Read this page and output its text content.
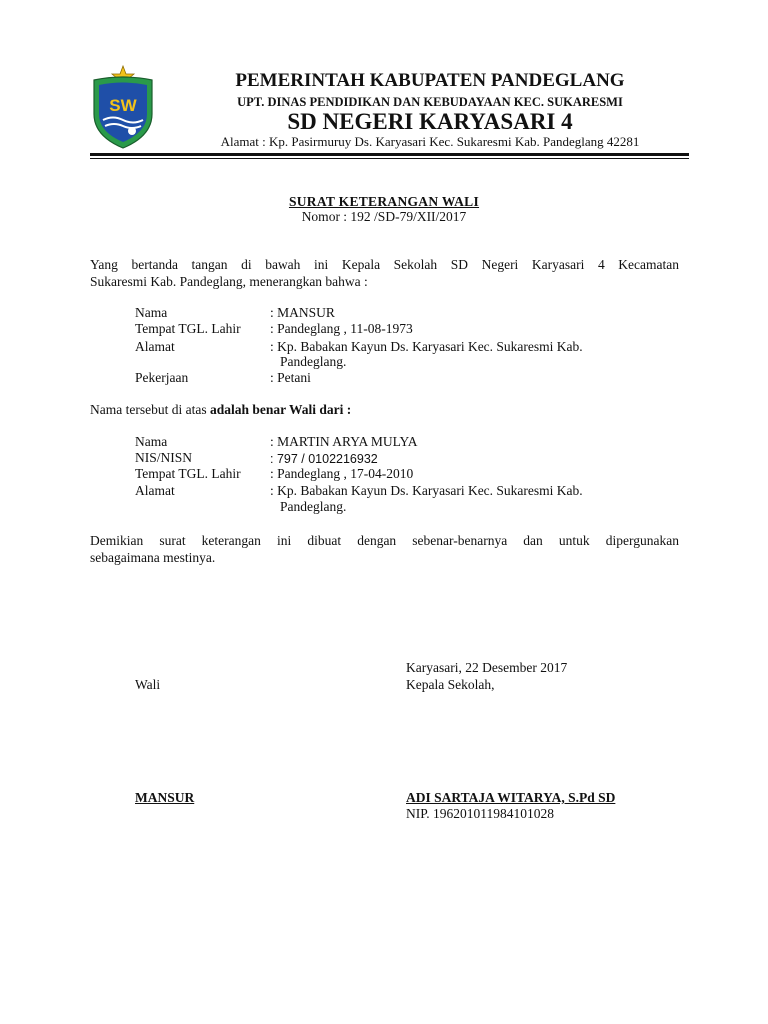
SW
PEMERINTAH KABUPATEN PANDEGLANG
UPT. DINAS PENDIDIKAN DAN KEBUDAYAAN KEC. SUKARESMI
SD NEGERI KARYASARI 4
Alamat : Kp. Pasirmuruy Ds. Karyasari Kec. Sukaresmi Kab. Pandeglang 42281
SURAT KETERANGAN WALI
Nomor : 192 /SD-79/XII/2017
Yang bertanda tangan di bawah ini Kepala Sekolah SD Negeri Karyasari 4 Kecamatan
Sukaresmi Kab. Pandeglang, menerangkan bahwa :
Nama	: MANSUR
Tempat TGL. Lahir : Pandeglang , 11-08-1973
Alamat	: Kp. Babakan Kayun Ds. Karyasari Kec. Sukaresmi Kab.
Pandeglang.
Pekerjaan	: Petani
Nama tersebut di atas adalah benar Wali dari :
Nama	: MARTIN ARYA MULYA
NIS/NISN	: 797 / 0102216932
Tempat TGL. Lahir : Pandeglang , 17-04-2010
Alamat	: Kp. Babakan Kayun Ds. Karyasari Kec. Sukaresmi Kab.
Pandeglang.
Demikian surat keterangan ini dibuat dengan sebenar-benarnya dan untuk dipergunakan
sebagaimana mestinya.
Karyasari, 22 Desember 2017
Wali	Kepala Sekolah,
MANSUR	ADI SARTAJA WITARYA, S.Pd SD
NIP. 196201011984101028
